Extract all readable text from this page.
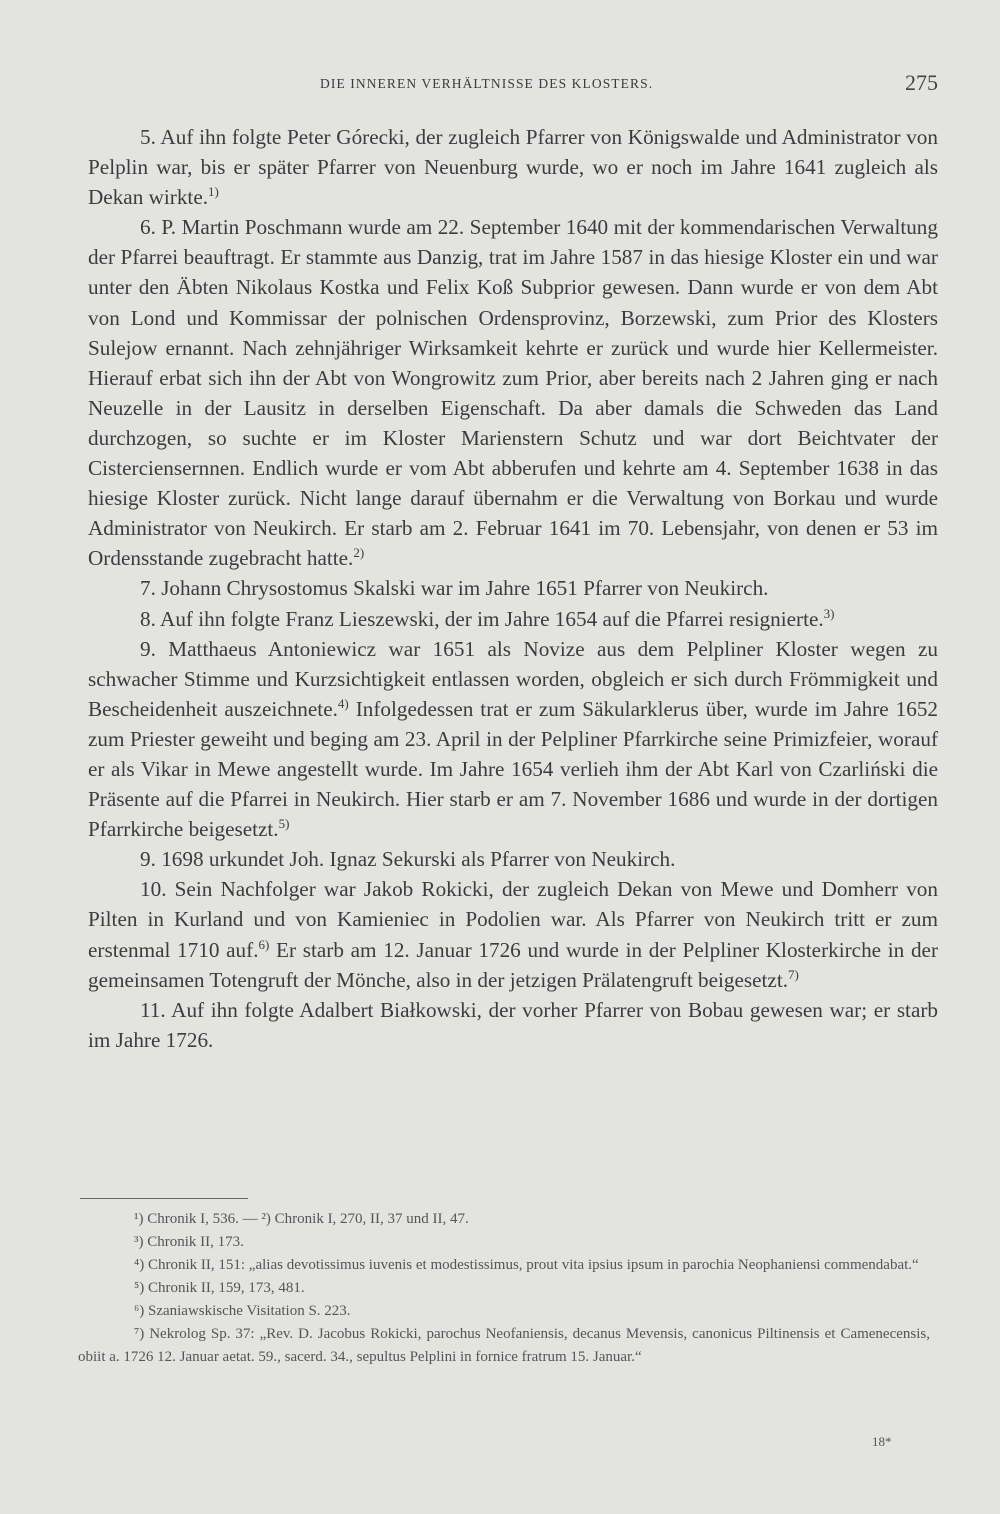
DIE INNEREN VERHÄLTNISSE DES KLOSTERS.	275

5. Auf ihn folgte Peter Górecki, der zugleich Pfarrer von Königswalde und Administrator von Pelplin war, bis er später Pfarrer von Neuenburg wurde, wo er noch im Jahre 1641 zugleich als Dekan wirkte.$^{1)}$

6. P. Martin Poschmann wurde am 22. September 1640 mit der kommendarischen Verwaltung der Pfarrei beauftragt. Er stammte aus Danzig, trat im Jahre 1587 in das hiesige Kloster ein und war unter den Äbten Nikolaus Kostka und Felix Koß Subprior gewesen. Dann wurde er von dem Abt von Lond und Kommissar der polnischen Ordensprovinz, Borzewski, zum Prior des Klosters Sulejow ernannt. Nach zehnjähriger Wirksamkeit kehrte er zurück und wurde hier Kellermeister. Hierauf erbat sich ihn der Abt von Wongrowitz zum Prior, aber bereits nach 2 Jahren ging er nach Neuzelle in der Lausitz in derselben Eigenschaft. Da aber damals die Schweden das Land durchzogen, so suchte er im Kloster Marienstern Schutz und war dort Beichtvater der Cisterciensernnen. Endlich wurde er vom Abt abberufen und kehrte am 4. September 1638 in das hiesige Kloster zurück. Nicht lange darauf übernahm er die Verwaltung von Borkau und wurde Administrator von Neukirch. Er starb am 2. Februar 1641 im 70. Lebensjahr, von denen er 53 im Ordensstande zugebracht hatte.$^{2)}$

7. Johann Chrysostomus Skalski war im Jahre 1651 Pfarrer von Neukirch.

8. Auf ihn folgte Franz Lieszewski, der im Jahre 1654 auf die Pfarrei resignierte.$^{3)}$

9. Matthaeus Antoniewicz war 1651 als Novize aus dem Pelpliner Kloster wegen zu schwacher Stimme und Kurzsichtigkeit entlassen worden, obgleich er sich durch Frömmigkeit und Bescheidenheit auszeichnete.$^{4)}$ Infolgedessen trat er zum Säkularklerus über, wurde im Jahre 1652 zum Priester geweiht und beging am 23. April in der Pelpliner Pfarrkirche seine Primizfeier, worauf er als Vikar in Mewe angestellt wurde. Im Jahre 1654 verlieh ihm der Abt Karl von Czarliński die Präsente auf die Pfarrei in Neukirch. Hier starb er am 7. November 1686 und wurde in der dortigen Pfarrkirche beigesetzt.$^{5)}$

9. 1698 urkundet Joh. Ignaz Sekurski als Pfarrer von Neukirch.

10. Sein Nachfolger war Jakob Rokicki, der zugleich Dekan von Mewe und Domherr von Pilten in Kurland und von Kamieniec in Podolien war. Als Pfarrer von Neukirch tritt er zum erstenmal 1710 auf.$^{6)}$ Er starb am 12. Januar 1726 und wurde in der Pelpliner Klosterkirche in der gemeinsamen Totengruft der Mönche, also in der jetzigen Prälatengruft beigesetzt.$^{7)}$

11. Auf ihn folgte Adalbert Białkowski, der vorher Pfarrer von Bobau gewesen war; er starb im Jahre 1726.

¹) Chronik I, 536. — ²) Chronik I, 270, II, 37 und II, 47.

³) Chronik II, 173.

⁴) Chronik II, 151: „alias devotissimus iuvenis et modestissimus, prout vita ipsius ipsum in parochia Neophaniensi commendabat.“

⁵) Chronik II, 159, 173, 481.

⁶) Szaniawskische Visitation S. 223.

⁷) Nekrolog Sp. 37: „Rev. D. Jacobus Rokicki, parochus Neofaniensis, decanus Mevensis, canonicus Piltinensis et Camenecensis, obiit a. 1726 12. Januar aetat. 59., sacerd. 34., sepultus Pelplini in fornice fratrum 15. Januar.“

18*
